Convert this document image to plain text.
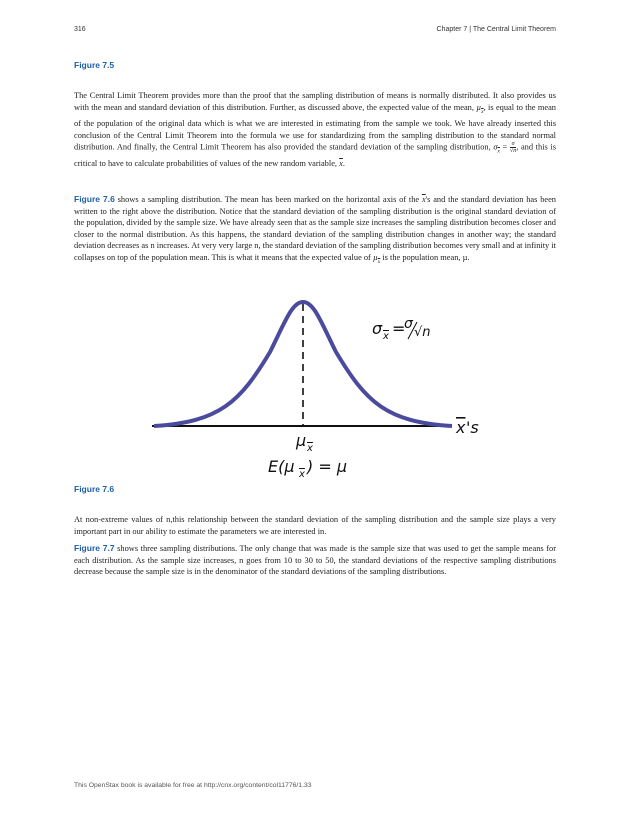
316	Chapter 7 | The Central Limit Theorem
Figure 7.5

The Central Limit Theorem provides more than the proof that the sampling distribution of means is normally distributed. It also provides us with the mean and standard deviation of this distribution. Further, as discussed above, the expected value of the mean, µ$_{\overline{x}}$, is equal to the mean of the population of the original data which is what we are interested in estimating from the sample we took. We have already inserted this conclusion of the Central Limit Theorem into the formula we use for standardizing from the sampling distribution to the standard normal distribution. And finally, the Central Limit Theorem has also provided the standard deviation of the sampling distribution, $\sigma_{\overline{x}} = \frac{\sigma}{√n}$ , and this is critical to have to calculate probabilities of values of the new random variable, $\overline{x}$.

Figure 7.6 shows a sampling distribution. The mean has been marked on the horizontal axis of the $\overline{x}'s$ and the standard deviation has been written to the right above the distribution. Notice that the standard deviation of the sampling distribution is the original standard deviation of the population, divided by the sample size. We have already seen that as the sample size increases the sampling distribution becomes closer and closer to the normal distribution. As this happens, the standard deviation of the sampling distribution changes in another way; the standard deviation decreases as n increases. At very very large n, the standard deviation of the sampling distribution becomes very small and at infinity it collapses on top of the population mean. This is what it means that the expected value of µ$_{\overline{x}}$ is the population mean, µ.

σ x =
σ
√n
x 's
µ x
E(µ x ) = µ
Figure 7.6

At non-extreme values of n,this relationship between the standard deviation of the sampling distribution and the sample size plays a very important part in our ability to estimate the parameters we are interested in.

Figure 7.7 shows three sampling distributions. The only change that was made is the sample size that was used to get the sample means for each distribution. As the sample size increases, n goes from 10 to 30 to 50, the standard deviations of the respective sampling distributions decrease because the sample size is in the denominator of the standard deviations of the sampling distributions.

This OpenStax book is available for free at http://cnx.org/content/col11776/1.33
